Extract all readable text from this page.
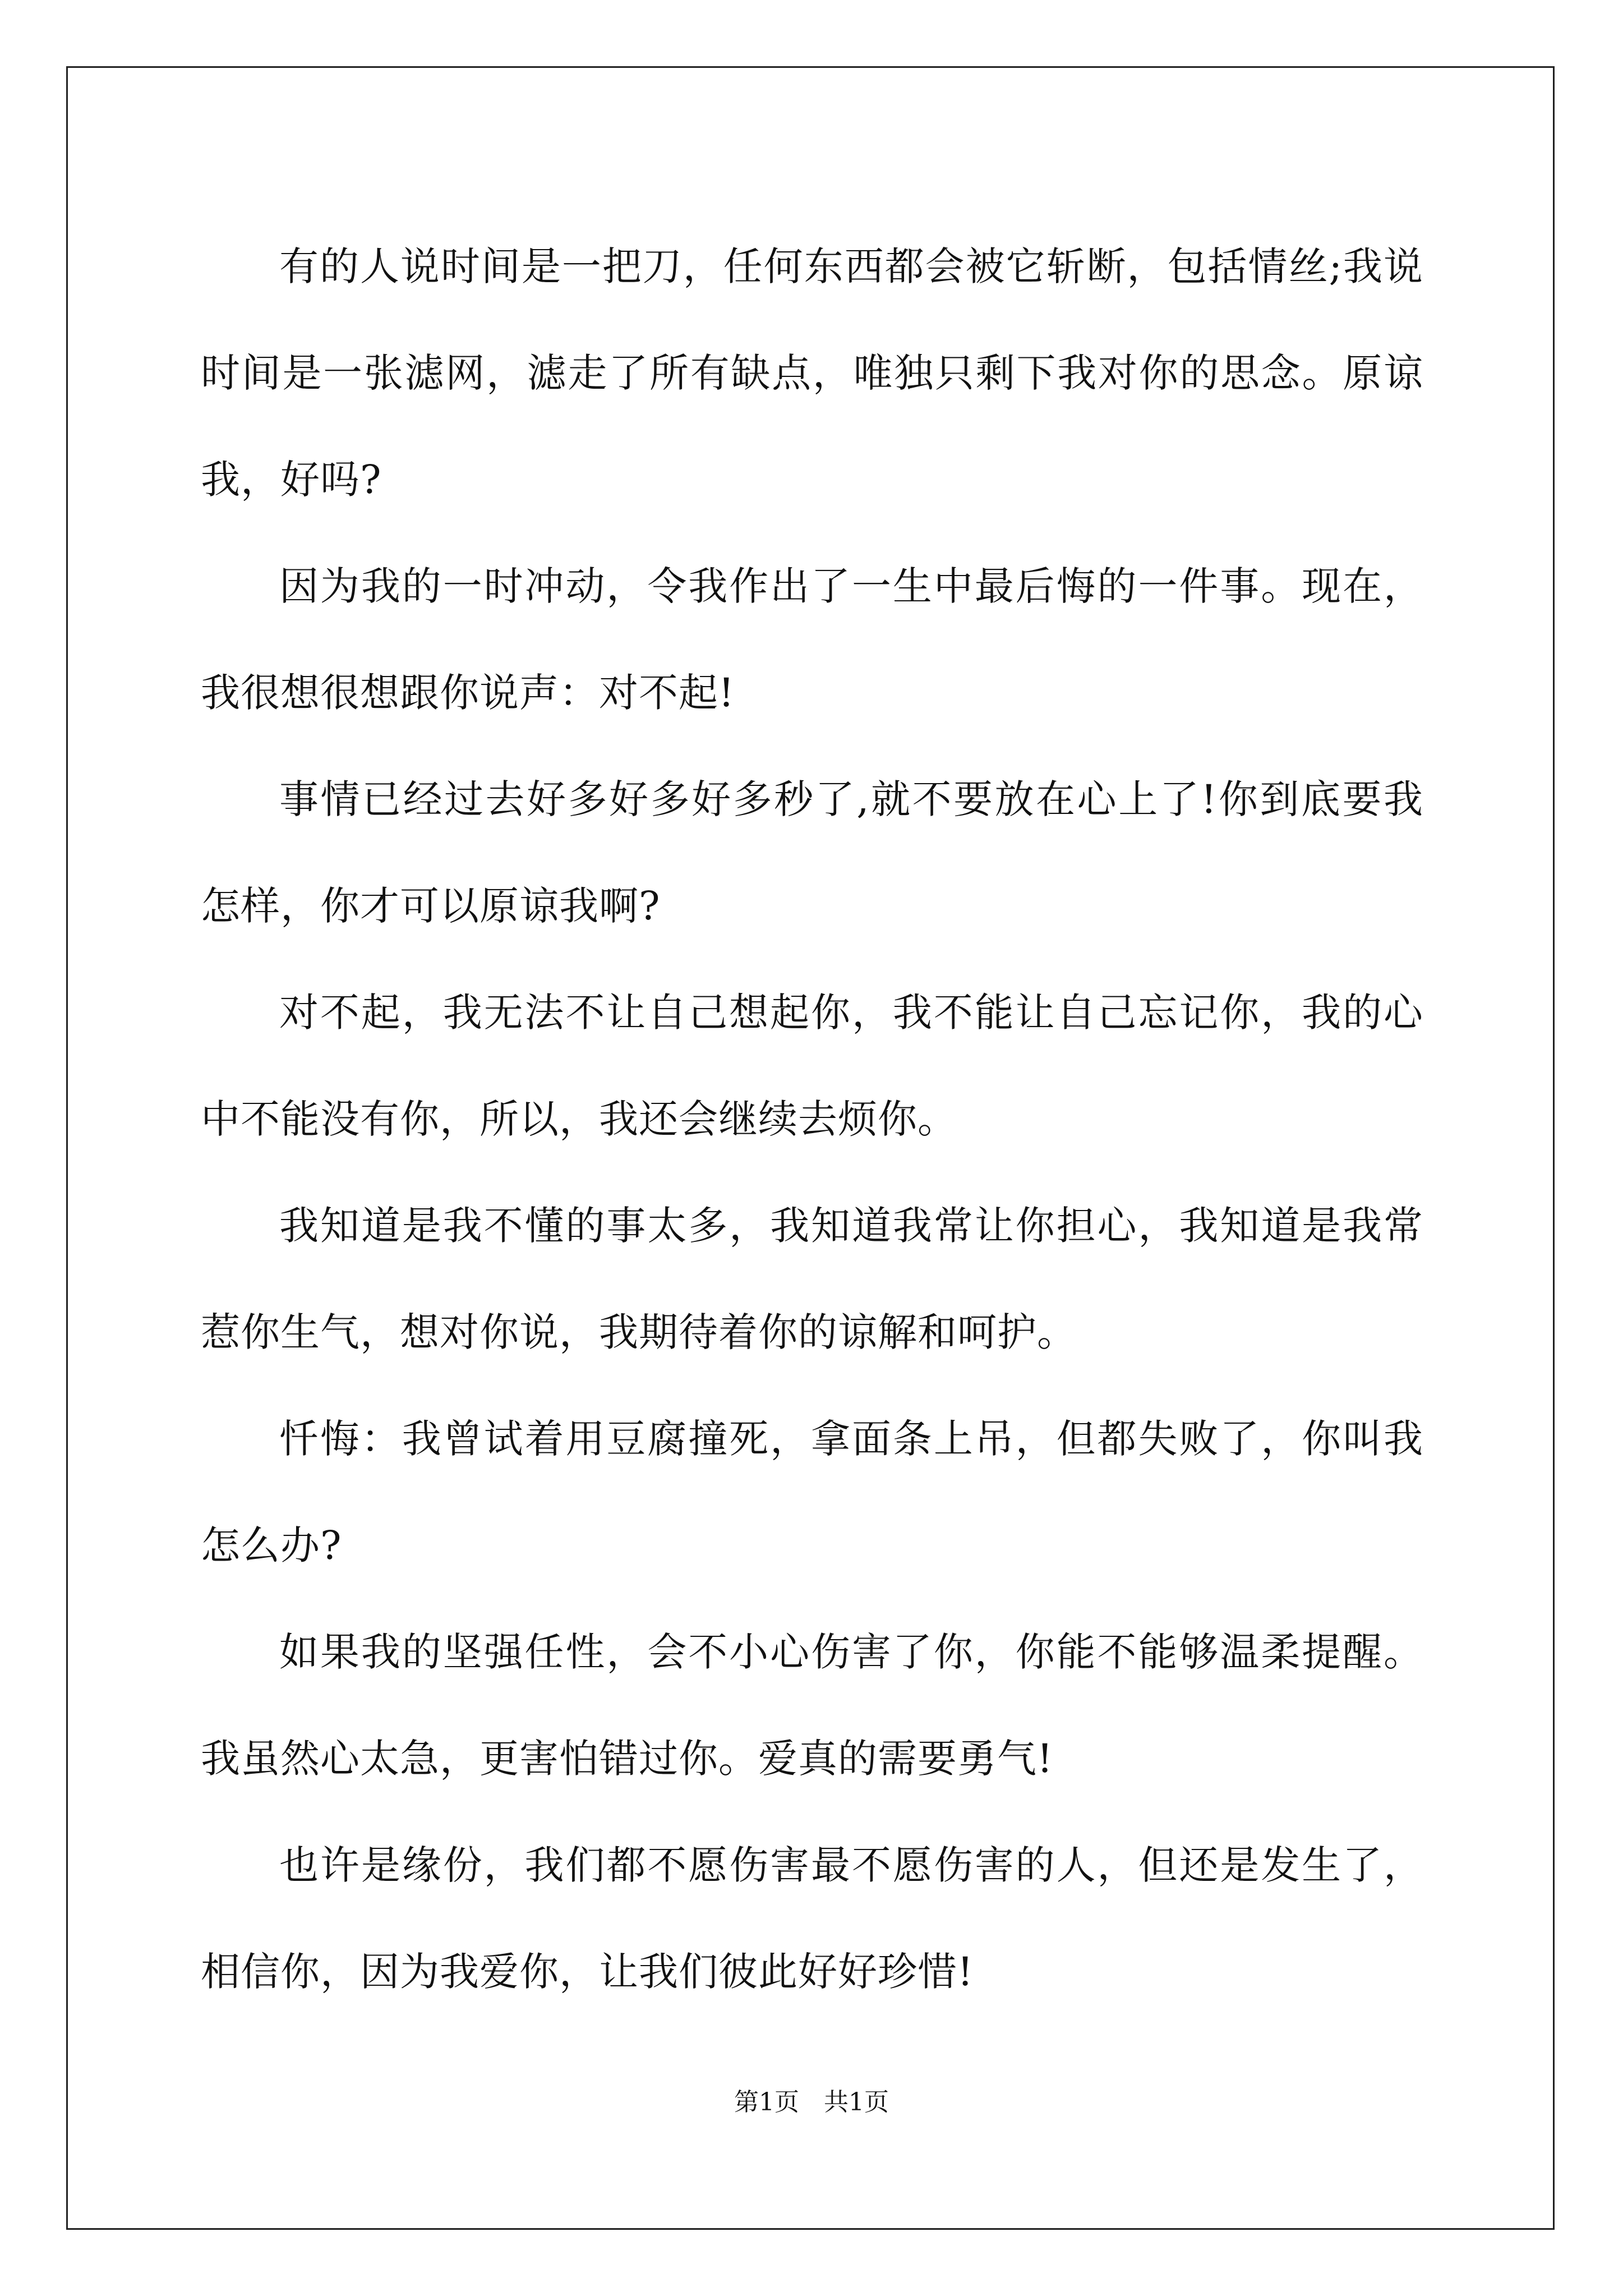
有的人说时间是一把刀，任何东西都会被它斩断，包括情丝;我说时间是一张滤网，滤走了所有缺点，唯独只剩下我对你的思念。原谅我，好吗?

因为我的一时冲动，令我作出了一生中最后悔的一件事。现在，我很想很想跟你说声：对不起!

事情已经过去好多好多好多秒了,就不要放在心上了!你到底要我怎样，你才可以原谅我啊?

对不起，我无法不让自己想起你，我不能让自己忘记你，我的心中不能没有你，所以，我还会继续去烦你。

我知道是我不懂的事太多，我知道我常让你担心，我知道是我常惹你生气，想对你说，我期待着你的谅解和呵护。

忏悔：我曾试着用豆腐撞死，拿面条上吊，但都失败了，你叫我怎么办?

如果我的坚强任性，会不小心伤害了你，你能不能够温柔提醒。我虽然心太急，更害怕错过你。爱真的需要勇气!

也许是缘份，我们都不愿伤害最不愿伤害的人，但还是发生了，相信你，因为我爱你，让我们彼此好好珍惜!

第1页 共1页
